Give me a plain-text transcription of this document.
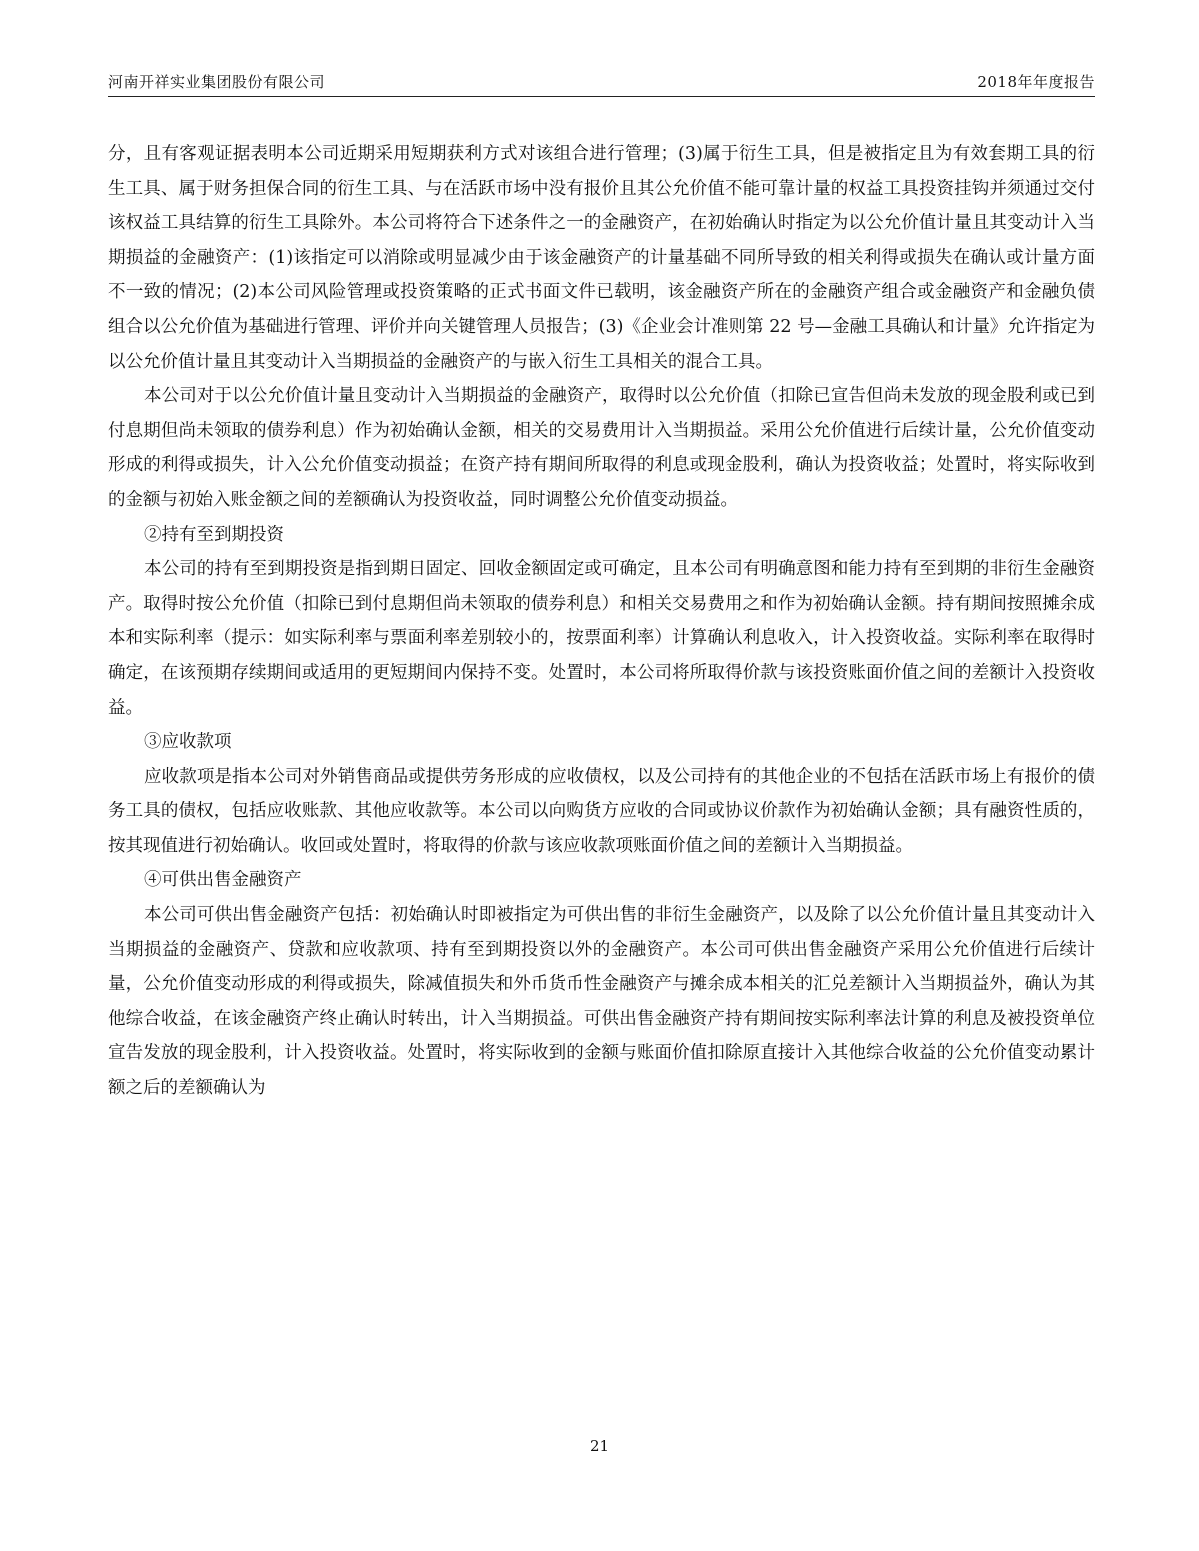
河南开祥实业集团股份有限公司	2018年年度报告

分，且有客观证据表明本公司近期采用短期获利方式对该组合进行管理；(3)属于衍生工具，但是被指定且为有效套期工具的衍生工具、属于财务担保合同的衍生工具、与在活跃市场中没有报价且其公允价值不能可靠计量的权益工具投资挂钩并须通过交付该权益工具结算的衍生工具除外。本公司将符合下述条件之一的金融资产，在初始确认时指定为以公允价值计量且其变动计入当期损益的金融资产：(1)该指定可以消除或明显减少由于该金融资产的计量基础不同所导致的相关利得或损失在确认或计量方面不一致的情况；(2)本公司风险管理或投资策略的正式书面文件已载明，该金融资产所在的金融资产组合或金融资产和金融负债组合以公允价值为基础进行管理、评价并向关键管理人员报告；(3)《企业会计准则第 22 号—金融工具确认和计量》允许指定为以公允价值计量且其变动计入当期损益的金融资产的与嵌入衍生工具相关的混合工具。

本公司对于以公允价值计量且变动计入当期损益的金融资产，取得时以公允价值（扣除已宣告但尚未发放的现金股利或已到付息期但尚未领取的债券利息）作为初始确认金额，相关的交易费用计入当期损益。采用公允价值进行后续计量，公允价值变动形成的利得或损失，计入公允价值变动损益；在资产持有期间所取得的利息或现金股利，确认为投资收益；处置时，将实际收到的金额与初始入账金额之间的差额确认为投资收益，同时调整公允价值变动损益。

②持有至到期投资

本公司的持有至到期投资是指到期日固定、回收金额固定或可确定，且本公司有明确意图和能力持有至到期的非衍生金融资产。取得时按公允价值（扣除已到付息期但尚未领取的债券利息）和相关交易费用之和作为初始确认金额。持有期间按照摊余成本和实际利率（提示：如实际利率与票面利率差别较小的，按票面利率）计算确认利息收入，计入投资收益。实际利率在取得时确定，在该预期存续期间或适用的更短期间内保持不变。处置时，本公司将所取得价款与该投资账面价值之间的差额计入投资收益。

③应收款项

应收款项是指本公司对外销售商品或提供劳务形成的应收债权，以及公司持有的其他企业的不包括在活跃市场上有报价的债务工具的债权，包括应收账款、其他应收款等。本公司以向购货方应收的合同或协议价款作为初始确认金额；具有融资性质的，按其现值进行初始确认。收回或处置时，将取得的价款与该应收款项账面价值之间的差额计入当期损益。

④可供出售金融资产

本公司可供出售金融资产包括：初始确认时即被指定为可供出售的非衍生金融资产，以及除了以公允价值计量且其变动计入当期损益的金融资产、贷款和应收款项、持有至到期投资以外的金融资产。本公司可供出售金融资产采用公允价值进行后续计量，公允价值变动形成的利得或损失，除减值损失和外币货币性金融资产与摊余成本相关的汇兑差额计入当期损益外，确认为其他综合收益，在该金融资产终止确认时转出，计入当期损益。可供出售金融资产持有期间按实际利率法计算的利息及被投资单位宣告发放的现金股利，计入投资收益。处置时，将实际收到的金额与账面价值扣除原直接计入其他综合收益的公允价值变动累计额之后的差额确认为

21
